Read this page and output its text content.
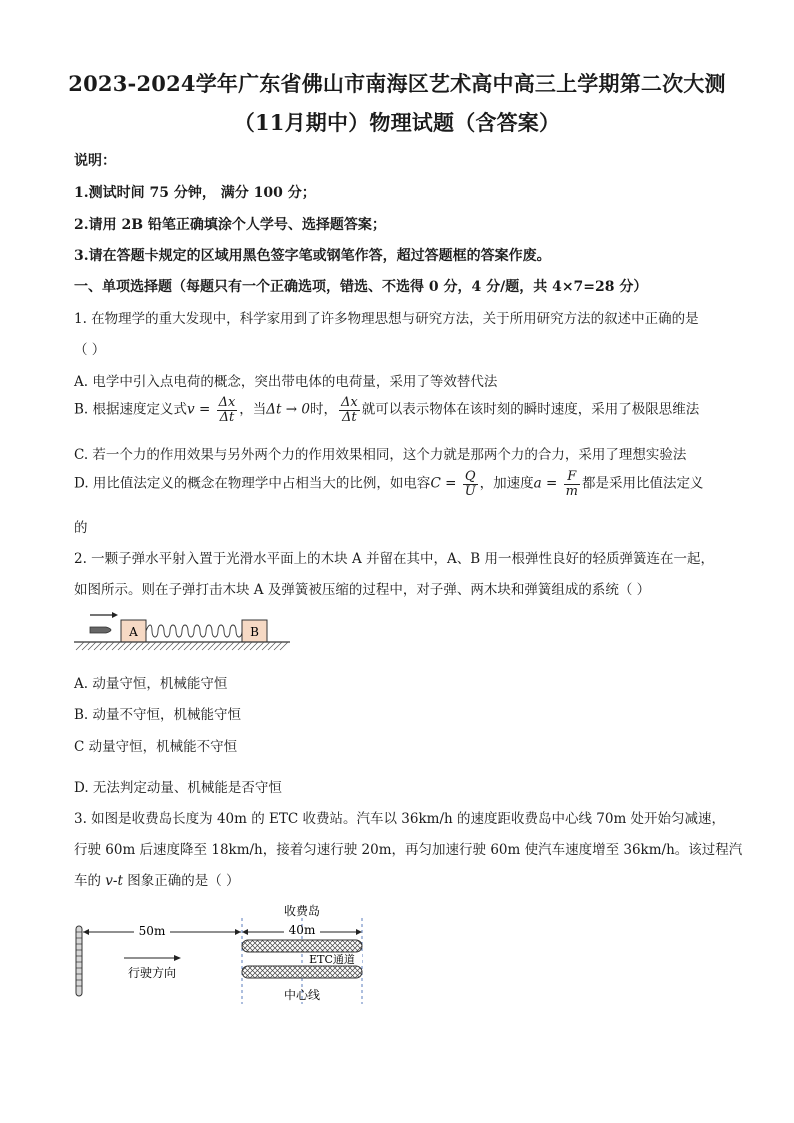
2023-2024学年广东省佛山市南海区艺术高中高三上学期第二次大测
（11月期中）物理试题（含答案）
说明：
1.测试时间 75 分钟， 满分 100 分；
2.请用 2B 铅笔正确填涂个人学号、选择题答案；
3.请在答题卡规定的区域用黑色签字笔或钢笔作答，超过答题框的答案作废。
一、单项选择题（每题只有一个正确选项，错选、不选得 0 分，4 分/题，共 4×7=28 分）
1. 在物理学的重大发现中，科学家用到了许多物理思想与研究方法，关于所用研究方法的叙述中正确的是
（ ）
A. 电学中引入点电荷的概念，突出带电体的电荷量，采用了等效替代法
B. 根据速度定义式$v = \frac{\Delta x}{\Delta t}$ ，当Δt → 0时， $\frac{\Delta x}{\Delta t}$ 就可以表示物体在该时刻的瞬时速度，采用了极限思维法
C. 若一个力的作用效果与另外两个力的作用效果相同，这个力就是那两个力的合力，采用了理想实验法
D. 用比值法定义的概念在物理学中占相当大的比例，如电容$C = \frac{Q}{U}$ ，加速度$a = \frac{F}{m}$ 都是采用比值法定义
的
2. 一颗子弹水平射入置于光滑水平面上的木块 A 并留在其中，A、B 用一根弹性良好的轻质弹簧连在一起，
如图所示。则在子弹打击木块 A 及弹簧被压缩的过程中，对子弹、两木块和弹簧组成的系统（ ）
A	B
A. 动量守恒，机械能守恒
B. 动量不守恒，机械能守恒
C 动量守恒，机械能不守恒
D. 无法判定动量、机械能是否守恒
3. 如图是收费岛长度为 40m 的 ETC 收费站。汽车以 36km/h 的速度距收费岛中心线 70m 处开始匀减速，
行驶 60m 后速度降至 18km/h，接着匀速行驶 20m，再匀加速行驶 60m 使汽车速度增至 36km/h。该过程汽
车的 v-t 图象正确的是（ ）
收费岛
40m
50m
ETC通道
行驶方向
中心线
